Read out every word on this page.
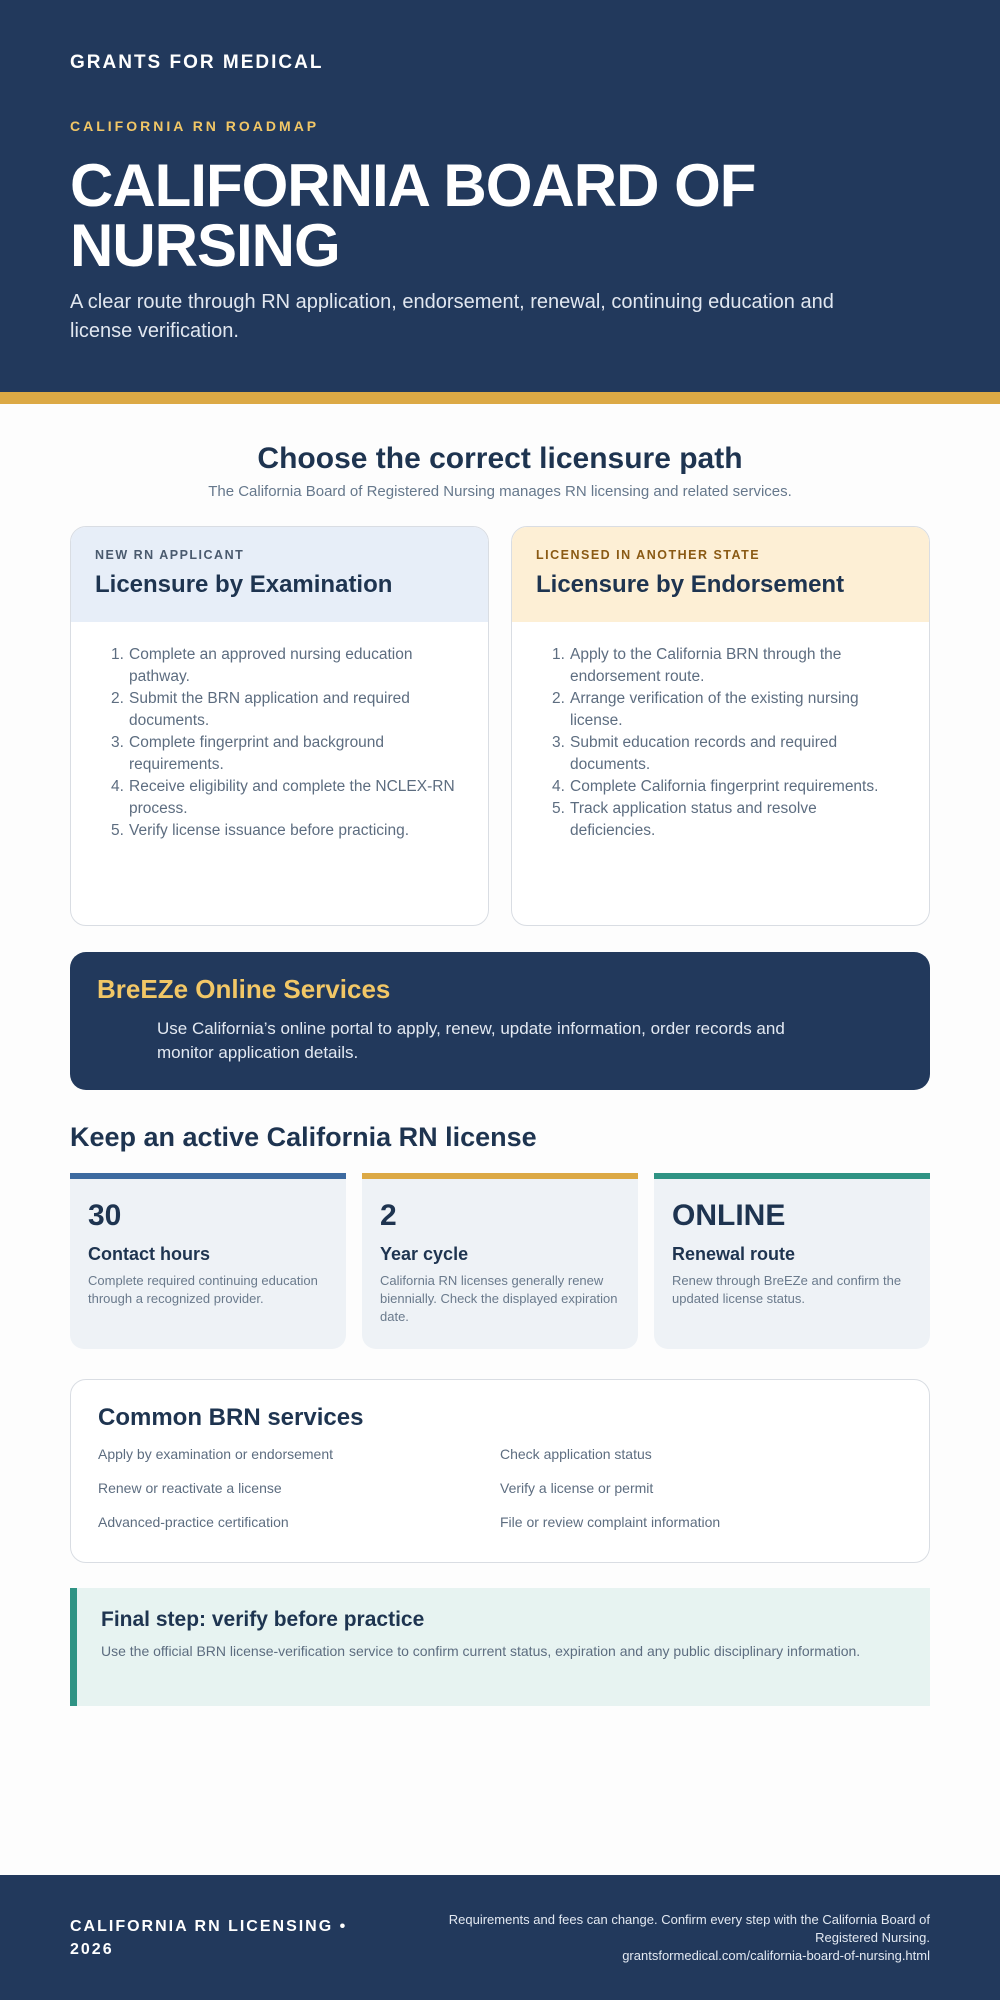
GRANTS FOR MEDICAL
CALIFORNIA RN ROADMAP
CALIFORNIA BOARD OF NURSING

A clear route through RN application, endorsement, renewal, continuing education and license verification.

Choose the correct licensure path

The California Board of Registered Nursing manages RN licensing and related services.

NEW RN APPLICANT
Licensure by Examination
1. Complete an approved nursing education pathway.
2. Submit the BRN application and required documents.
3. Complete fingerprint and background requirements.
4. Receive eligibility and complete the NCLEX-RN process.
5. Verify license issuance before practicing.
LICENSED IN ANOTHER STATE
Licensure by Endorsement
1. Apply to the California BRN through the endorsement route.
2. Arrange verification of the existing nursing license.
3. Submit education records and required documents.
4. Complete California fingerprint requirements.
5. Track application status and resolve deficiencies.
BreEZe Online Services

Use California’s online portal to apply, renew, update information, order records and monitor application details.

Keep an active California RN license
30
Contact hours
Complete required continuing education through a recognized provider.
2
Year cycle
California RN licenses generally renew biennially. Check the displayed expiration date.
ONLINE
Renewal route
Renew through BreEZe and confirm the updated license status.
Common BRN services
Apply by examination or endorsement	Check application status
Renew or reactivate a license	Verify a license or permit
Advanced-practice certification	File or review complaint information
Final step: verify before practice

Use the official BRN license-verification service to confirm current status, expiration and any public disciplinary information.

CALIFORNIA RN LICENSING • 2026
Requirements and fees can change. Confirm every step with the California Board of Registered Nursing.
grantsformedical.com/california-board-of-nursing.html
